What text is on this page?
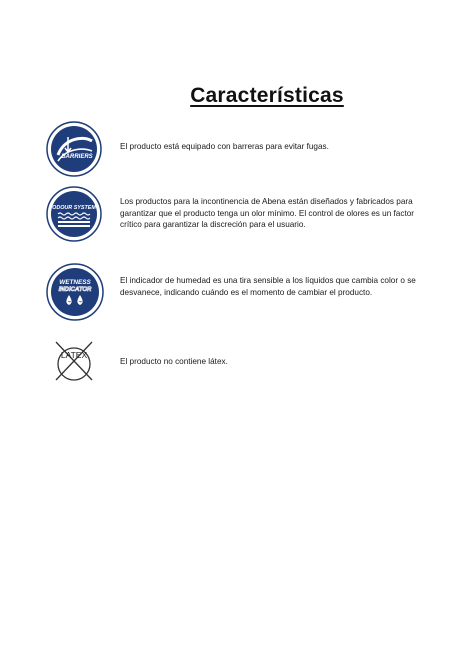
Características
BARRIERS

El producto está equipado con barreras para evitar fugas.

ODOUR SYSTEM

Los productos para la incontinencia de Abena están diseñados y fabricados para garantizar que el producto tenga un olor mínimo. El control de olores es un factor crítico para garantizar la discreción para el usuario.

WETNESS
INDICATOR

El indicador de humedad es una tira sensible a los líquidos que cambia color o se desvanece, indicando cuándo es el momento de cambiar el producto.

LATEX

El producto no contiene látex.
